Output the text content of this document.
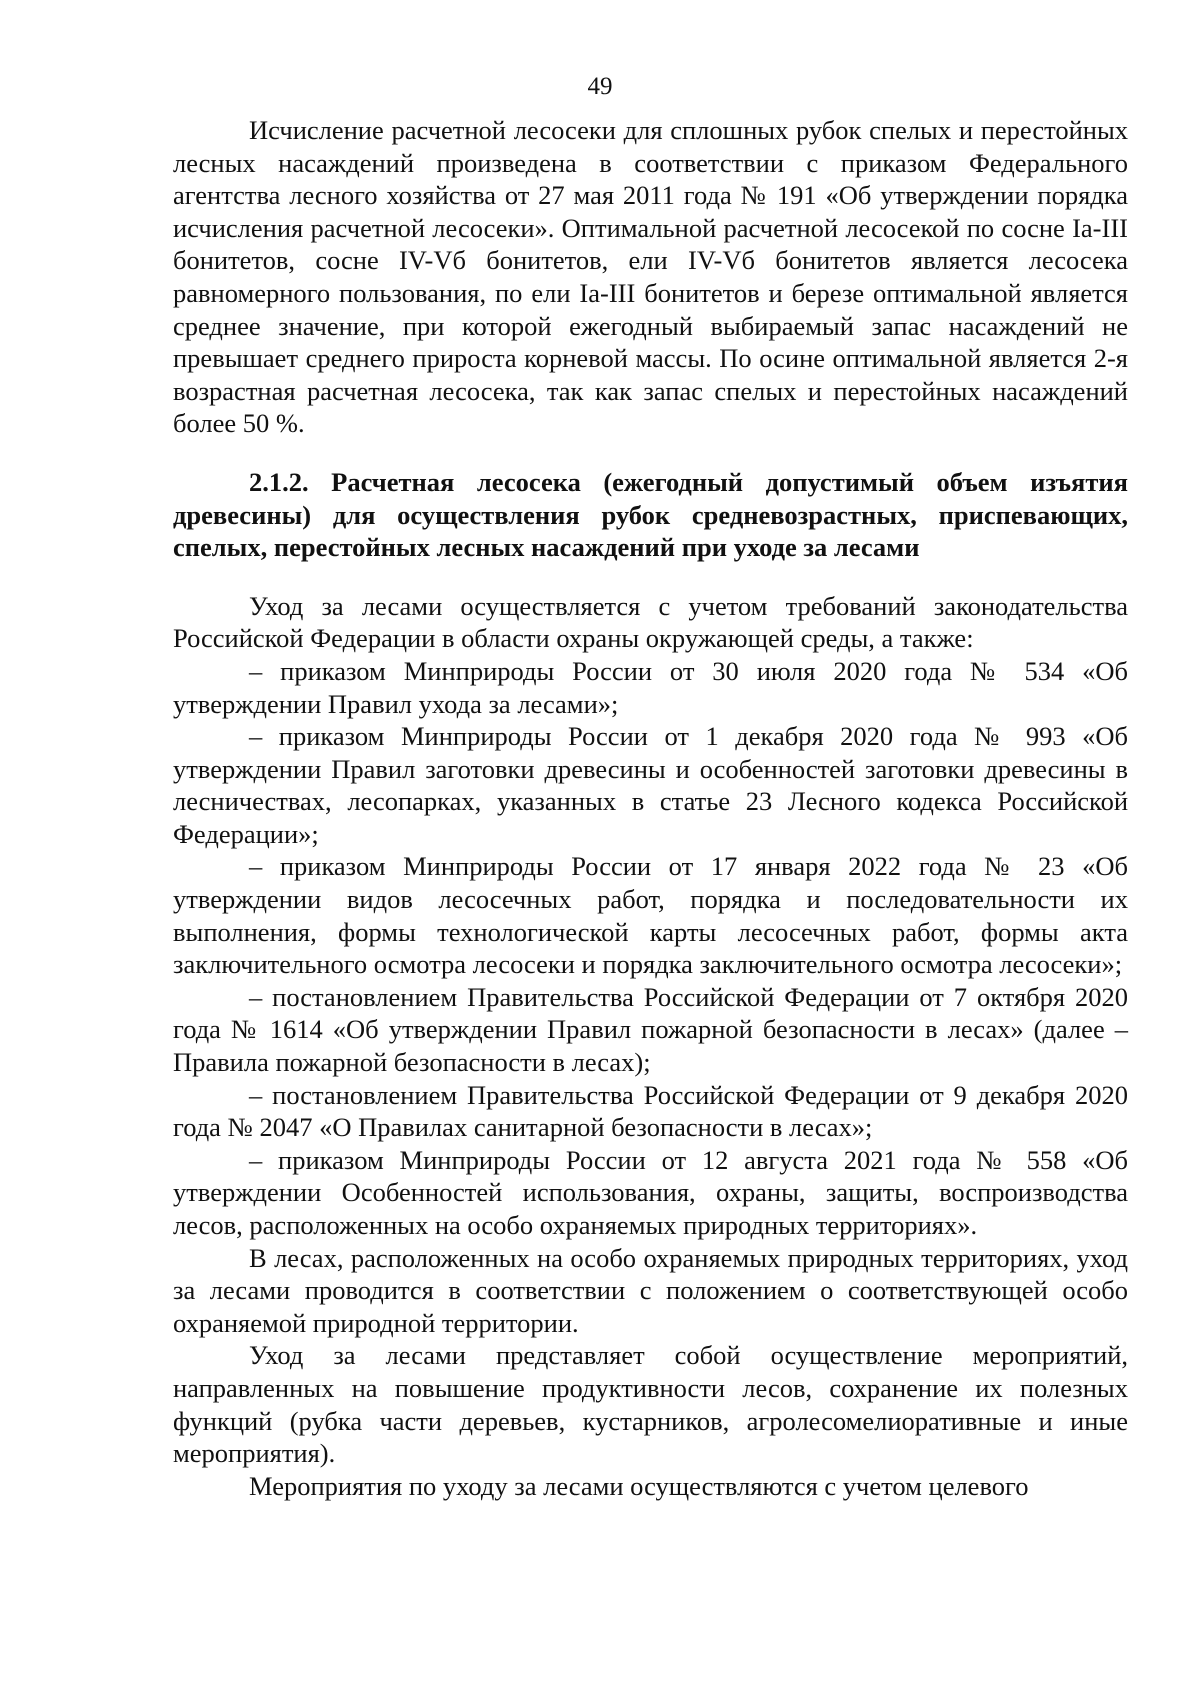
49

Исчисление расчетной лесосеки для сплошных рубок спелых и перестойных лесных насаждений произведена в соответствии с приказом Федерального агентства лесного хозяйства от 27 мая 2011 года № 191 «Об утверждении порядка исчисления расчетной лесосеки». Оптимальной расчетной лесосекой по сосне Ia-III бонитетов, сосне IV-Vб бонитетов, ели IV-Vб бонитетов является лесосека равномерного пользования, по ели Ia-III бонитетов и березе оптимальной является среднее значение, при которой ежегодный выбираемый запас насаждений не превышает среднего прироста корневой массы. По осине оптимальной является 2-я возрастная расчетная лесосека, так как запас спелых и перестойных насаждений более 50 %.

2.1.2. Расчетная лесосека (ежегодный допустимый объем изъятия древесины) для осуществления рубок средневозрастных, приспевающих, спелых, перестойных лесных насаждений при уходе за лесами

Уход за лесами осуществляется с учетом требований законодательства Российской Федерации в области охраны окружающей среды, а также:

– приказом Минприроды России от 30 июля 2020 года № 534 «Об утверждении Правил ухода за лесами»;

– приказом Минприроды России от 1 декабря 2020 года № 993 «Об утверждении Правил заготовки древесины и особенностей заготовки древесины в лесничествах, лесопарках, указанных в статье 23 Лесного кодекса Российской Федерации»;

– приказом Минприроды России от 17 января 2022 года № 23 «Об утверждении видов лесосечных работ, порядка и последовательности их выполнения, формы технологической карты лесосечных работ, формы акта заключительного осмотра лесосеки и порядка заключительного осмотра лесосеки»;

– постановлением Правительства Российской Федерации от 7 октября 2020 года № 1614 «Об утверждении Правил пожарной безопасности в лесах» (далее – Правила пожарной безопасности в лесах);

– постановлением Правительства Российской Федерации от 9 декабря 2020 года № 2047 «О Правилах санитарной безопасности в лесах»;

– приказом Минприроды России от 12 августа 2021 года № 558 «Об утверждении Особенностей использования, охраны, защиты, воспроизводства лесов, расположенных на особо охраняемых природных территориях».

В лесах, расположенных на особо охраняемых природных территориях, уход за лесами проводится в соответствии с положением о соответствующей особо охраняемой природной территории.

Уход за лесами представляет собой осуществление мероприятий, направленных на повышение продуктивности лесов, сохранение их полезных функций (рубка части деревьев, кустарников, агролесомелиоративные и иные мероприятия).

Мероприятия по уходу за лесами осуществляются с учетом целевого
